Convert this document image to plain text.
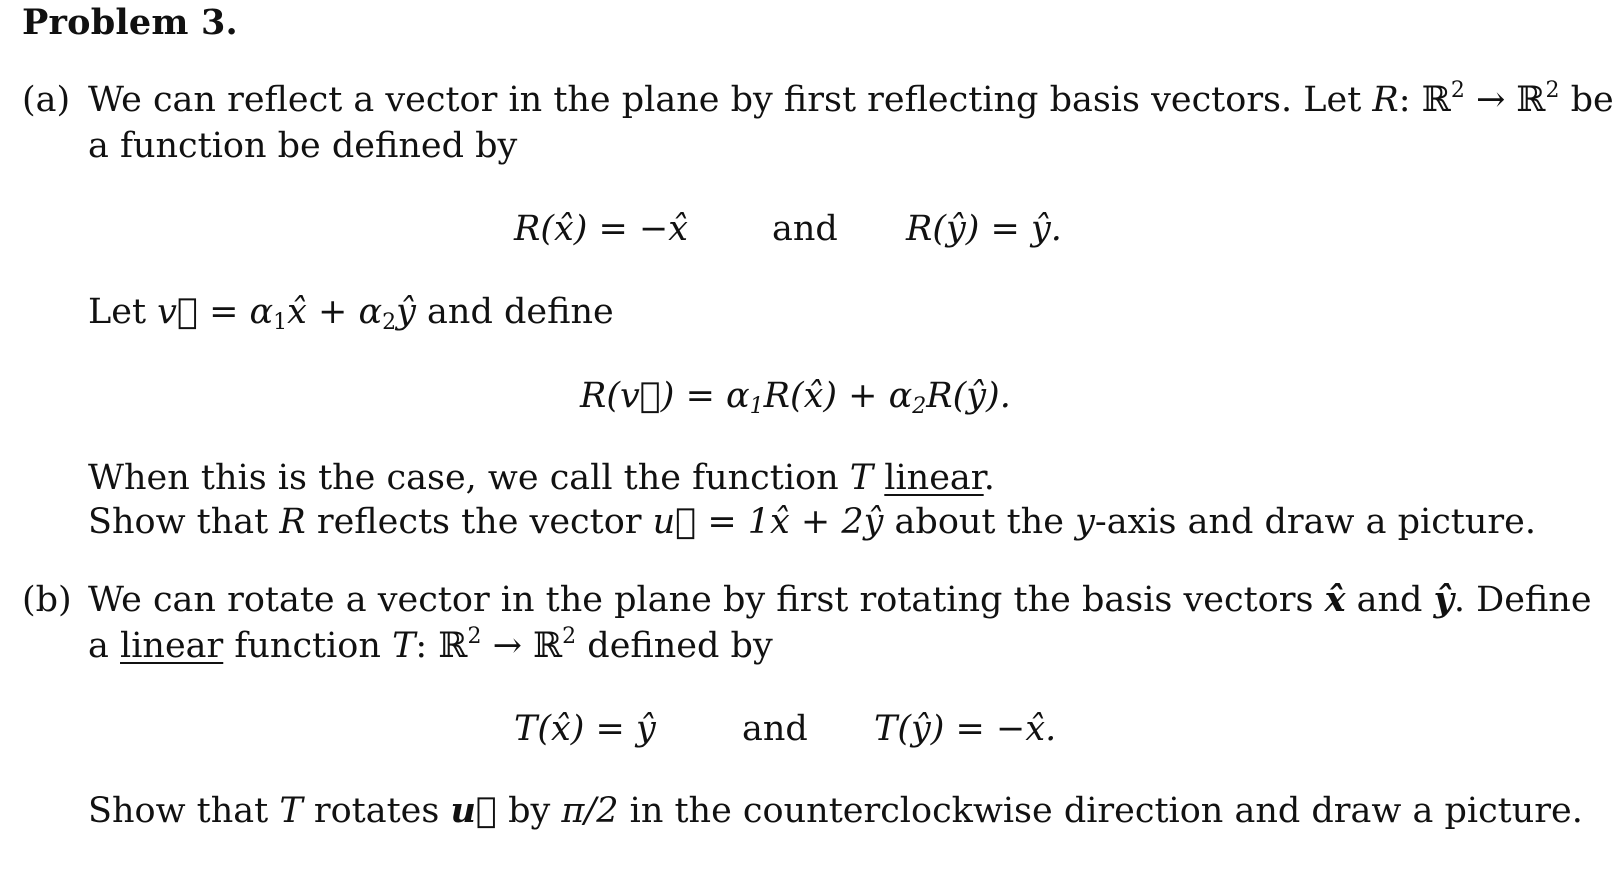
Problem 3.
(a) We can reflect a vector in the plane by first reflecting basis vectors. Let R: ℝ$^2$ → ℝ$^2$ be
a function be defined by
R(x̂) = −x̂ and R(ŷ) = ŷ.
Let v⃗ = $\alpha_1x̂$ + $\alpha_2ŷ$ and define
R(v⃗) = $\alpha_1R(x̂)$ + $\alpha_2R(ŷ)$.
When this is the case, we call the function T linear.
Show that R reflects the vector u⃗ = 1x̂ + 2ŷ about the y-axis and draw a picture.
(b) We can rotate a vector in the plane by first rotating the basis vectors x̂ and ŷ. Define
a linear function T: ℝ$^2$ → ℝ$^2$ defined by
T(x̂) = ŷ and T(ŷ) = −x̂.
Show that T rotates u⃗ by π/2 in the counterclockwise direction and draw a picture.
